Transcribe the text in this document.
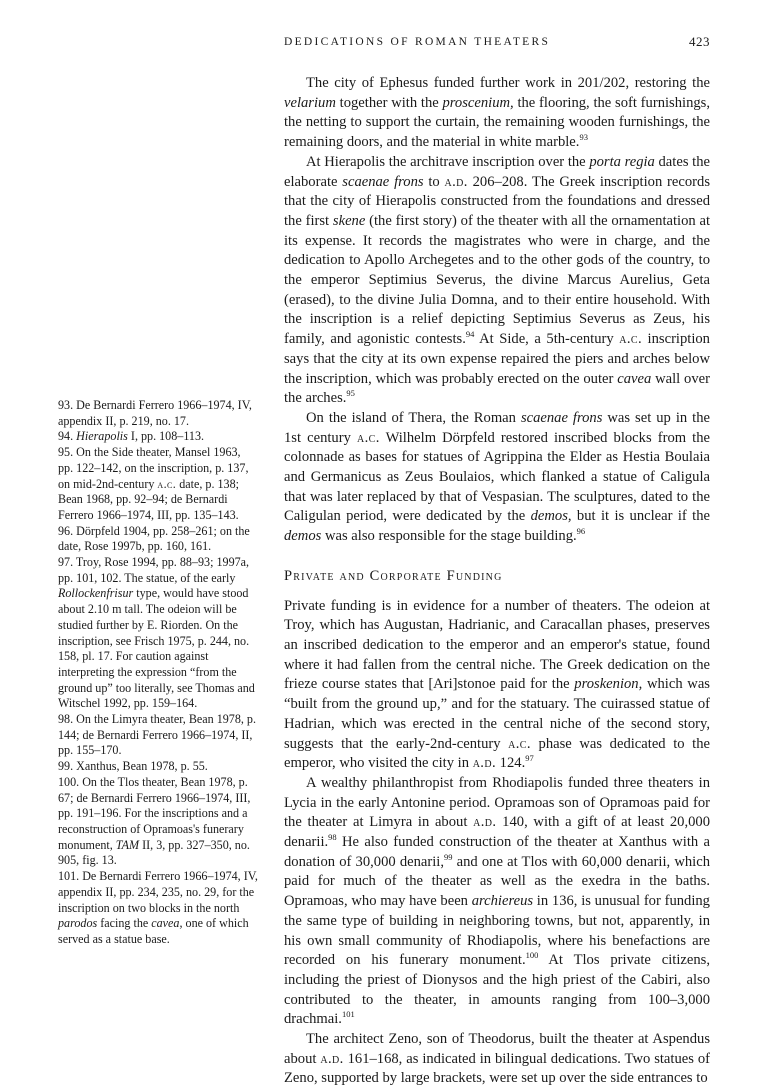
DEDICATIONS OF ROMAN THEATERS	423

The city of Ephesus funded further work in 201/202, restoring the velarium together with the proscenium, the flooring, the soft furnishings, the netting to support the curtain, the remaining wooden furnishings, the remaining doors, and the material in white marble.$^{93}$

At Hierapolis the architrave inscription over the porta regia dates the elaborate scaenae frons to a.d. 206–208. The Greek inscription records that the city of Hierapolis constructed from the foundations and dressed the first skene (the first story) of the theater with all the ornamentation at its expense. It records the magistrates who were in charge, and the dedication to Apollo Archegetes and to the other gods of the country, to the emperor Septimius Severus, the divine Marcus Aurelius, Geta (erased), to the divine Julia Domna, and to their entire household. With the inscription is a relief depicting Septimius Severus as Zeus, his family, and agonistic contests.$^{94}$ At Side, a 5th-century a.c. inscription says that the city at its own expense repaired the piers and arches below the inscription, which was probably erected on the outer cavea wall over the arches.$^{95}$

On the island of Thera, the Roman scaenae frons was set up in the 1st century a.c. Wilhelm Dörpfeld restored inscribed blocks from the colonnade as bases for statues of Agrippina the Elder as Hestia Boulaia and Germanicus as Zeus Boulaios, which flanked a statue of Caligula that was later replaced by that of Vespasian. The sculptures, dated to the Caligulan period, were dedicated by the demos, but it is unclear if the demos was also responsible for the stage building.$^{96}$

Private and Corporate Funding

Private funding is in evidence for a number of theaters. The odeion at Troy, which has Augustan, Hadrianic, and Caracallan phases, preserves an inscribed dedication to the emperor and an emperor's statue, found where it had fallen from the central niche. The Greek dedication on the frieze course states that [Ari]stonoe paid for the proskenion, which was “built from the ground up,” and for the statuary. The cuirassed statue of Hadrian, which was erected in the central niche of the second story, suggests that the early-2nd-century a.c. phase was dedicated to the emperor, who visited the city in a.d. 124.97

A wealthy philanthropist from Rhodiapolis funded three theaters in Lycia in the early Antonine period. Opramoas son of Opramoas paid for the theater at Limyra in about a.d. 140, with a gift of at least 20,000 denarii.$^{98}$ He also funded construction of the theater at Xanthus with a donation of 30,000 denarii,$^{99}$ and one at Tlos with 60,000 denarii, which paid for much of the theater as well as the exedra in the baths. Opramoas, who may have been archiereus in 136, is unusual for funding the same type of building in neighboring towns, but not, apparently, in his own small community of Rhodiapolis, where his benefactions are recorded on his funerary monument.$^{100}$ At Tlos private citizens, including the priest of Dionysos and the high priest of the Cabiri, also contributed to the theater, in amounts ranging from 100–3,000 drachmai.$^{101}$

The architect Zeno, son of Theodorus, built the theater at Aspendus about a.d. 161–168, as indicated in bilingual dedications. Two statues of Zeno, supported by large brackets, were set up over the side entrances to

93. De Bernardi Ferrero 1966–1974, IV, appendix II, p. 219, no. 17.
94. Hierapolis I, pp. 108–113.
95. On the Side theater, Mansel 1963, pp. 122–142, on the inscription, p. 137, on mid-2nd-century a.c. date, p. 138; Bean 1968, pp. 92–94; de Bernardi Ferrero 1966–1974, III, pp. 135–143.
96. Dörpfeld 1904, pp. 258–261; on the date, Rose 1997b, pp. 160, 161.
97. Troy, Rose 1994, pp. 88–93; 1997a, pp. 101, 102. The statue, of the early Rollockenfrisur type, would have stood about 2.10 m tall. The odeion will be studied further by E. Riorden. On the inscription, see Frisch 1975, p. 244, no. 158, pl. 17. For caution against interpreting the expression “from the ground up” too literally, see Thomas and Witschel 1992, pp. 159–164.
98. On the Limyra theater, Bean 1978, p. 144; de Bernardi Ferrero 1966–1974, II, pp. 155–170.
99. Xanthus, Bean 1978, p. 55.
100. On the Tlos theater, Bean 1978, p. 67; de Bernardi Ferrero 1966–1974, III, pp. 191–196. For the inscriptions and a reconstruction of Opramoas's funerary monument, TAM II, 3, pp. 327–350, no. 905, fig. 13.
101. De Bernardi Ferrero 1966–1974, IV, appendix II, pp. 234, 235, no. 29, for the inscription on two blocks in the north parodos facing the cavea, one of which served as a statue base.
